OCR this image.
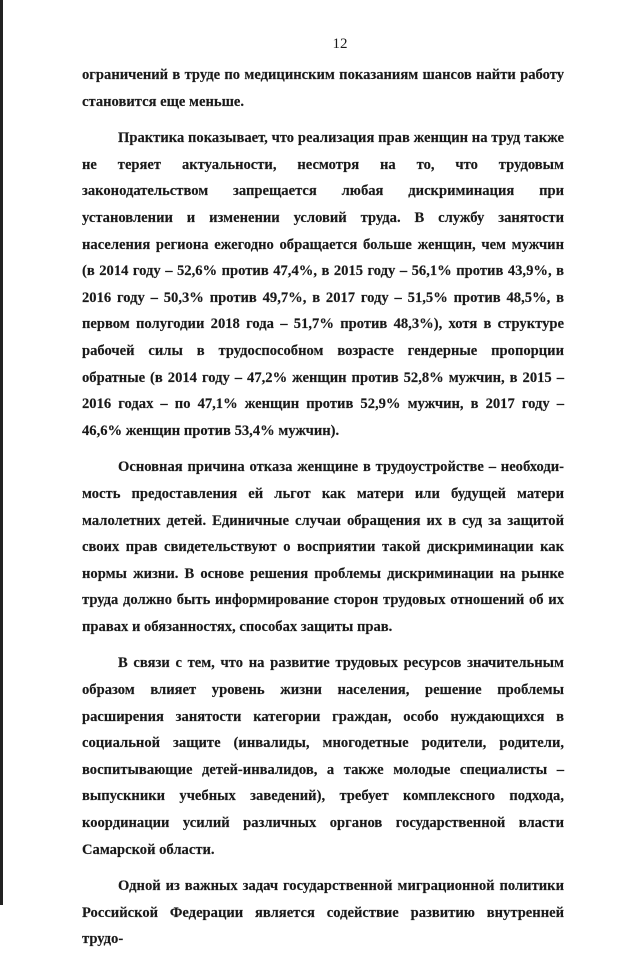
12

ограничений в труде по медицинским показаниям шансов найти работу становится еще меньше.

Практика показывает, что реализация прав женщин на труд также не теряет актуальности, несмотря на то, что трудовым законодательством запрещается любая дискриминация при установлении и изменении условий труда. В службу занятости населения региона ежегодно обращается больше женщин, чем мужчин (в 2014 году – 52,6% против 47,4%, в 2015 году – 56,1% против 43,9%, в 2016 году – 50,3% против 49,7%, в 2017 году – 51,5% против 48,5%, в первом полугодии 2018 года – 51,7% против 48,3%), хотя в структуре рабочей силы в трудоспособном возрасте гендерные пропорции обратные (в 2014 году – 47,2% женщин против 52,8% мужчин, в 2015 – 2016 годах – по 47,1% женщин против 52,9% мужчин, в 2017 году – 46,6% женщин против 53,4% мужчин).

Основная причина отказа женщине в трудоустройстве – необходимость предоставления ей льгот как матери или будущей матери малолетних детей. Единичные случаи обращения их в суд за защитой своих прав свидетельствуют о восприятии такой дискриминации как нормы жизни. В основе решения проблемы дискриминации на рынке труда должно быть информирование сторон трудовых отношений об их правах и обязанностях, способах защиты прав.

В связи с тем, что на развитие трудовых ресурсов значительным образом влияет уровень жизни населения, решение проблемы расширения занятости категории граждан, особо нуждающихся в социальной защите (инвалиды, многодетные родители, родители, воспитывающие детей-инвалидов, а также молодые специалисты – выпускники учебных заведений), требует комплексного подхода, координации усилий различных органов государственной власти Самарской области.

Одной из важных задач государственной миграционной политики Российской Федерации является содействие развитию внутренней трудо-
